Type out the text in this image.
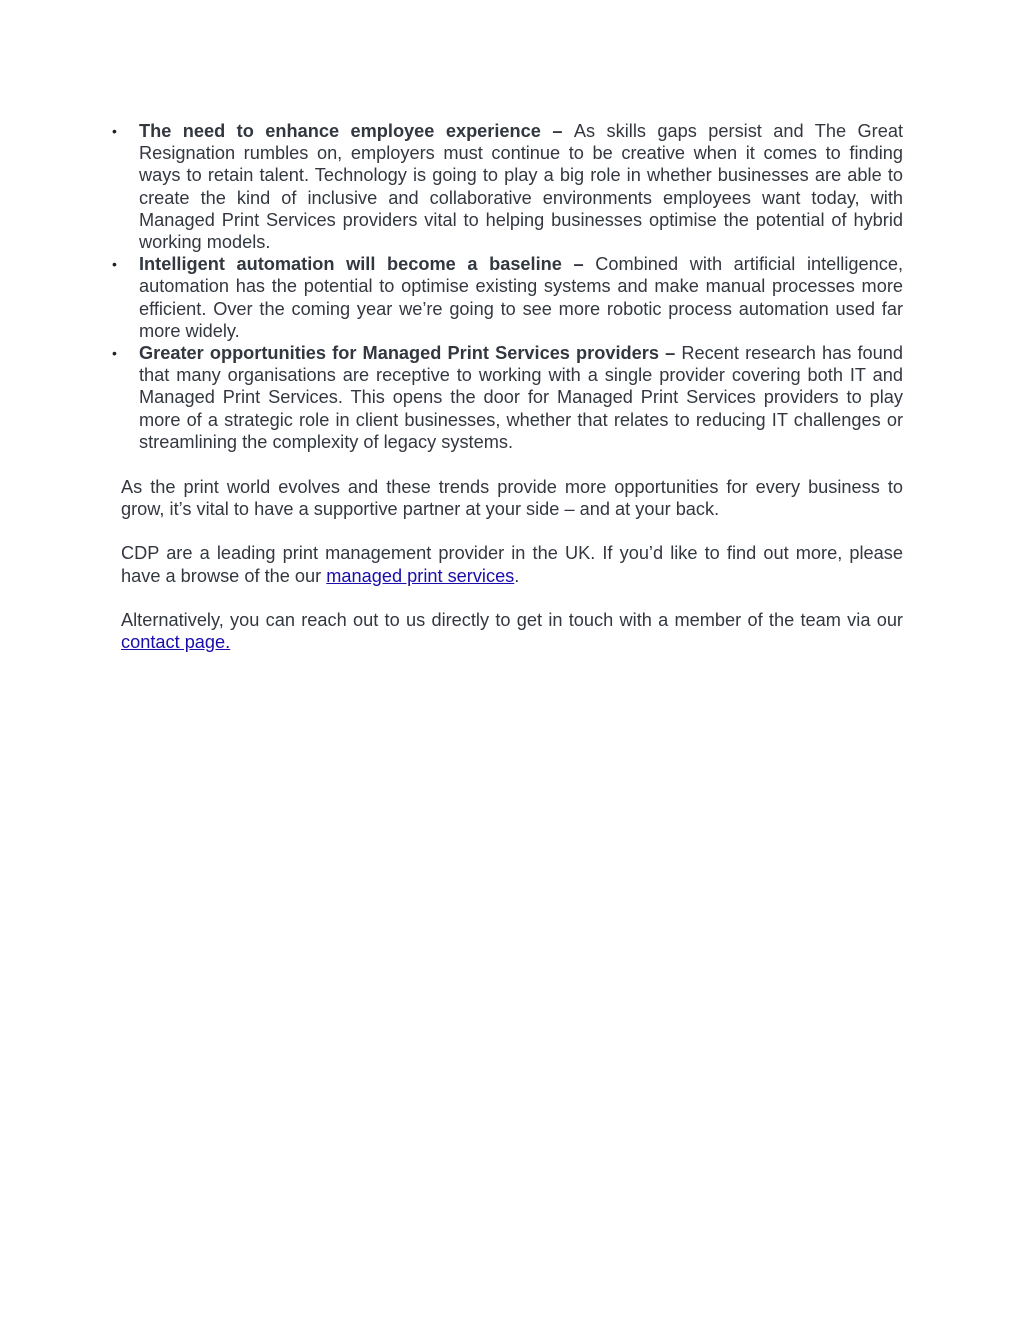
• The need to enhance employee experience – As skills gaps persist and The Great Resignation rumbles on, employers must continue to be creative when it comes to finding ways to retain talent. Technology is going to play a big role in whether businesses are able to create the kind of inclusive and collaborative environments employees want today, with Managed Print Services providers vital to helping businesses optimise the potential of hybrid working models.
• Intelligent automation will become a baseline – Combined with artificial intelligence, automation has the potential to optimise existing systems and make manual processes more efficient. Over the coming year we’re going to see more robotic process automation used far more widely.
• Greater opportunities for Managed Print Services providers – Recent research has found that many organisations are receptive to working with a single provider covering both IT and Managed Print Services. This opens the door for Managed Print Services providers to play more of a strategic role in client businesses, whether that relates to reducing IT challenges or streamlining the complexity of legacy systems.

As the print world evolves and these trends provide more opportunities for every business to grow, it’s vital to have a supportive partner at your side – and at your back.

CDP are a leading print management provider in the UK. If you’d like to find out more, please have a browse of the our managed print services.

Alternatively, you can reach out to us directly to get in touch with a member of the team via our contact page.
